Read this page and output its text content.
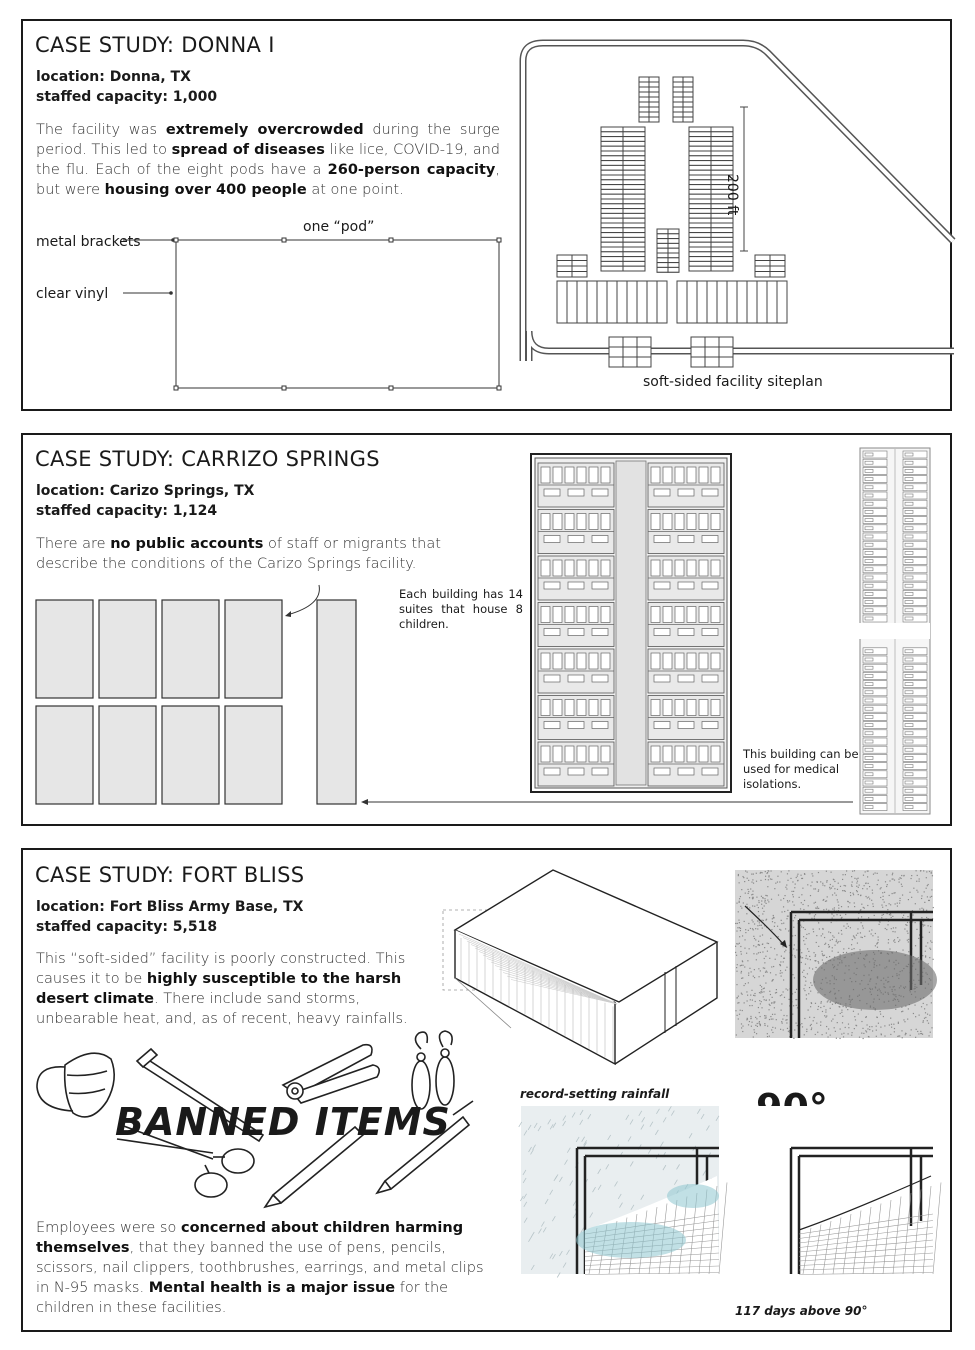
CASE STUDY: DONNA I
location: Donna, TX
staffed capacity: 1,000
The facility was extremely overcrowded during the surge period. This led to spread of diseases like lice, COVID-19, and the flu. Each of the eight pods have a 260-person capacity, but were housing over 400 people at one point.
one “pod”
metal brackets
clear vinyl
200 ft
soft-sided facility siteplan
CASE STUDY: CARRIZO SPRINGS
location: Carizo Springs, TX
staffed capacity: 1,124
There are no public accounts of staff or migrants that describe the conditions of the Carizo Springs facility.
Each building has 14 suites that house 8 children.
This building can be used for medical isolations.
CASE STUDY: FORT BLISS
location: Fort Bliss Army Base, TX
staffed capacity: 5,518
This “soft-sided” facility is poorly constructed. This causes it to be highly susceptible to the harsh desert climate. There include sand storms, unbearable heat, and, as of recent, heavy rainfalls.
BANNED ITEMS
Employees were so concerned about children harming themselves, that they banned the use of pens, pencils, scissors, nail clippers, toothbrushes, earrings, and metal clips in N-95 masks. Mental health is a major issue for the children in these facilities.
record-setting rainfall
117 days above 90°
